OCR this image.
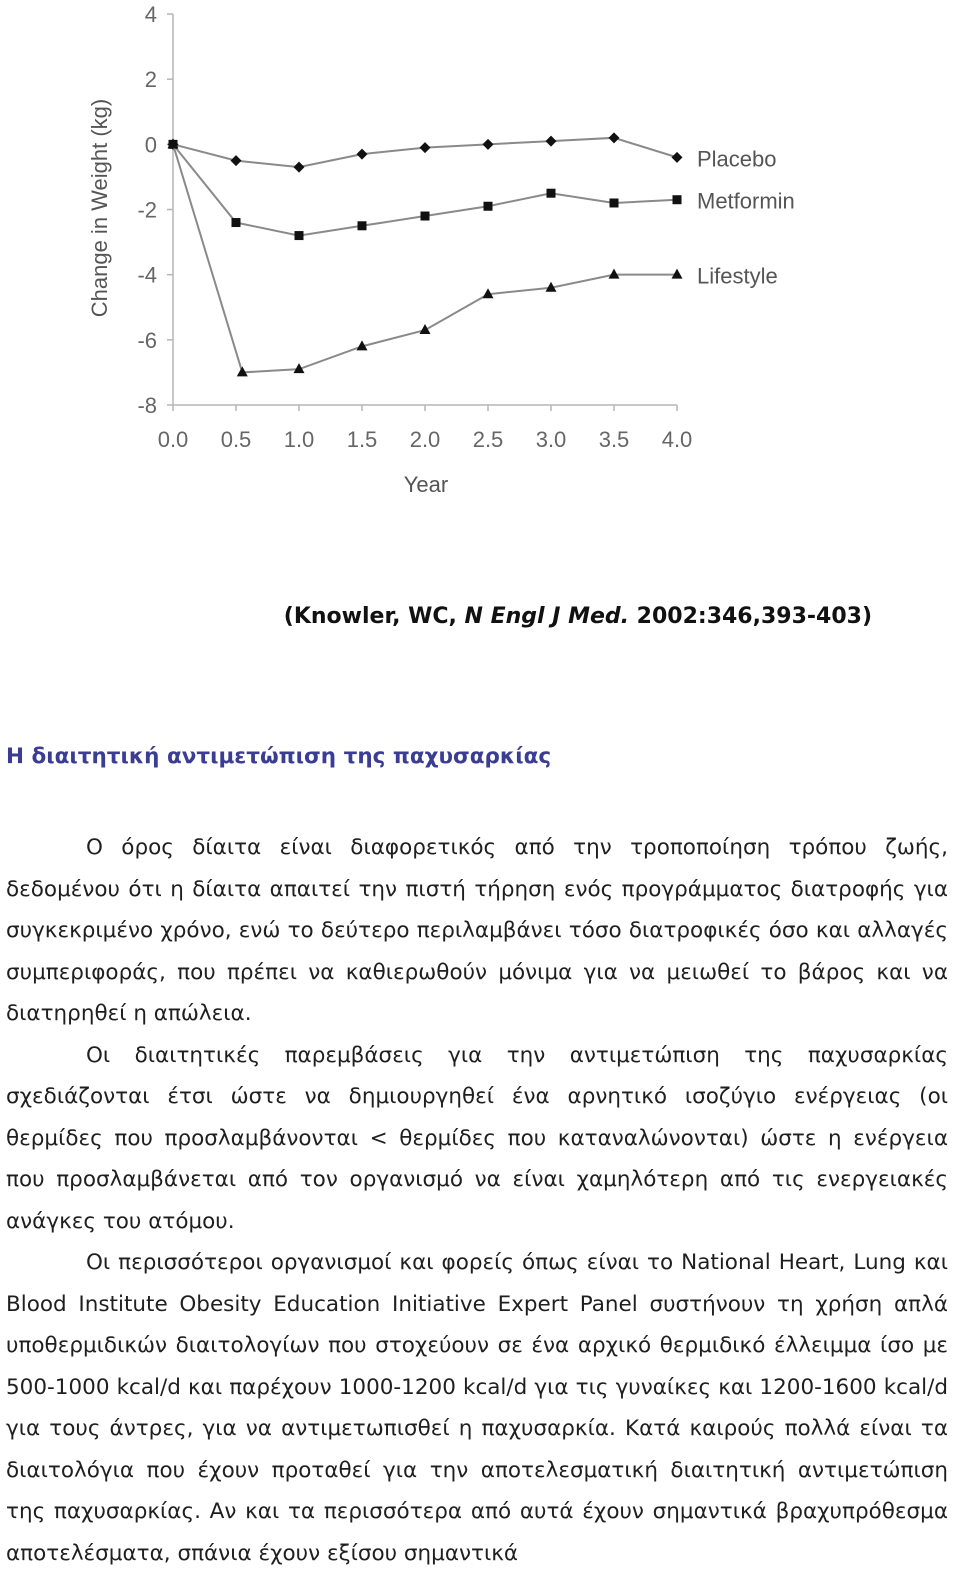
4
2
0
-2
-4
-6
-8
0.0 0.5 1.0 1.5 2.0 2.5 3.0 3.5 4.0
Placebo
Metformin
Lifestyle
Change in Weight (kg)
Year
(Knowler, WC, N Engl J Med. 2002:346,393-403)
Η διαιτητική αντιμετώπιση της παχυσαρκίας

Ο όρος δίαιτα είναι διαφορετικός από την τροποποίηση τρόπου ζωής, δεδομένου ότι η δίαιτα απαιτεί την πιστή τήρηση ενός προγράμματος διατροφής για συγκεκριμένο χρόνο, ενώ το δεύτερο περιλαμβάνει τόσο διατροφικές όσο και αλλαγές συμπεριφοράς, που πρέπει να καθιερωθούν μόνιμα για να μειωθεί το βάρος και να διατηρηθεί η απώλεια.

Οι διαιτητικές παρεμβάσεις για την αντιμετώπιση της παχυσαρκίας σχεδιάζονται έτσι ώστε να δημιουργηθεί ένα αρνητικό ισοζύγιο ενέργειας (οι θερμίδες που προσλαμβάνονται < θερμίδες που καταναλώνονται) ώστε η ενέργεια που προσλαμβάνεται από τον οργανισμό να είναι χαμηλότερη από τις ενεργειακές ανάγκες του ατόμου.

Οι περισσότεροι οργανισμοί και φορείς όπως είναι το National Heart, Lung και Blood Institute Obesity Education Initiative Expert Panel συστήνουν τη χρήση απλά υποθερμιδικών διαιτολογίων που στοχεύουν σε ένα αρχικό θερμιδικό έλλειμμα ίσο με 500-1000 kcal/d και παρέχουν 1000-1200 kcal/d για τις γυναίκες και 1200-1600 kcal/d για τους άντρες, για να αντιμετωπισθεί η παχυσαρκία. Κατά καιρούς πολλά είναι τα διαιτολόγια που έχουν προταθεί για την αποτελεσματική διαιτητική αντιμετώπιση της παχυσαρκίας. Αν και τα περισσότερα από αυτά έχουν σημαντικά βραχυπρόθεσμα αποτελέσματα, σπάνια έχουν εξίσου σημαντικά
